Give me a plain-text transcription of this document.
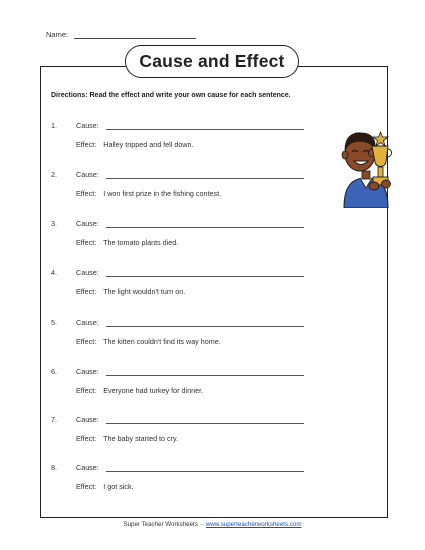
Name:
Cause and Effect
Directions: Read the effect and write your own cause for each sentence.
1.	Cause:
Effect: Halley tripped and fell down.
2.	Cause:
Effect: I won first prize in the fishing contest.
3.	Cause:
Effect: The tomato plants died.
4.	Cause:
Effect: The light wouldn't turn on.
5.	Cause:
Effect: The kitten couldn't find its way home.
6.	Cause:
Effect: Everyone had turkey for dinner.
7.	Cause:
Effect: The baby started to cry.
8.	Cause:
Effect: I got sick.
Super Teacher Worksheets - www.superteacherworksheets.com
